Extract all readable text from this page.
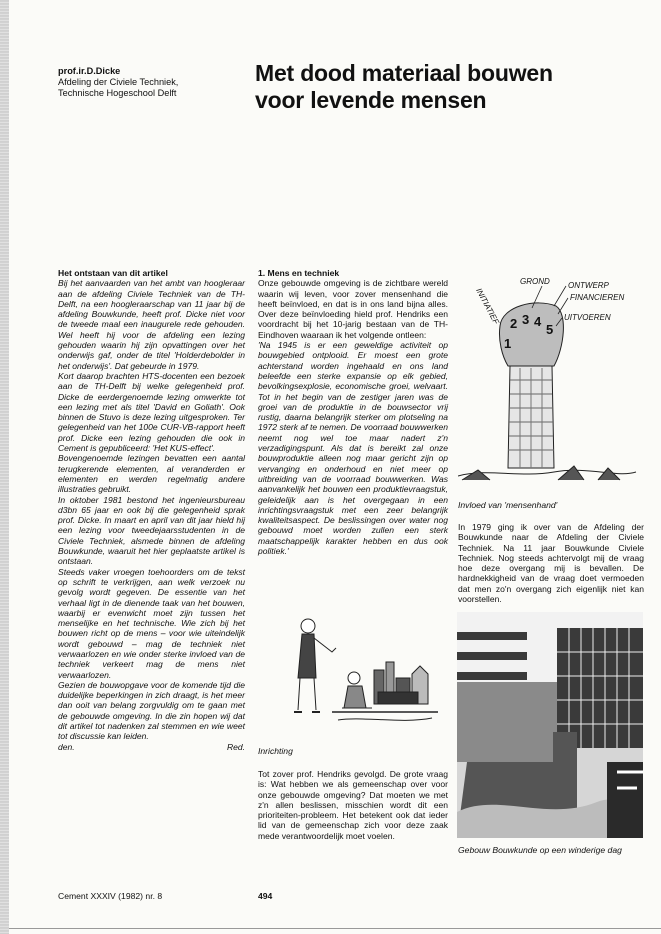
prof.ir.D.Dicke
Afdeling der Civiele Techniek,
Technische Hogeschool Delft
Met dood materiaal bouwen
voor levende mensen
Het ontstaan van dit artikel

Bij het aanvaarden van het ambt van hoogleraar aan de afdeling Civiele Techniek van de TH-Delft, na een hoogleraarschap van 11 jaar bij de afdeling Bouwkunde, heeft prof. Dicke niet voor de tweede maal een inaugurele rede gehouden. Wel heeft hij voor de afdeling een lezing gehouden waarin hij zijn opvattingen over het onderwijs gaf, onder de titel 'Holderdebolder in het onderwijs'. Dat gebeurde in 1979.

Kort daarop brachten HTS-docenten een bezoek aan de TH-Delft bij welke gelegenheid prof. Dicke de eerdergenoemde lezing omwerkte tot een lezing met als titel 'David en Goliath'. Ook binnen de Stuvo is deze lezing uitgesproken. Ter gelegenheid van het 100e CUR-VB-rapport heeft prof. Dicke een lezing gehouden die ook in Cement is gepubliceerd: 'Het KUS-effect'.

Bovengenoemde lezingen bevatten een aantal terugkerende elementen, al veranderden er elementen en werden regelmatig andere illustraties gebruikt.

In oktober 1981 bestond het ingenieursbureau d3bn 65 jaar en ook bij die gelegenheid sprak prof. Dicke. In maart en april van dit jaar hield hij een lezing voor tweedejaarsstudenten in de Civiele Techniek, alsmede binnen de afdeling Bouwkunde, waaruit het hier geplaatste artikel is ontstaan.

Steeds vaker vroegen toehoorders om de tekst op schrift te verkrijgen, aan welk verzoek nu gevolg wordt gegeven. De essentie van het verhaal ligt in de dienende taak van het bouwen, waarbij er evenwicht moet zijn tussen het menselijke en het technische. Wie zich bij het bouwen richt op de mens – voor wie uiteindelijk wordt gebouwd – mag de techniek niet verwaarlozen en wie onder sterke invloed van de techniek verkeert mag de mens niet verwaarlozen.

Gezien de bouwopgave voor de komende tijd die duidelijke beperkingen in zich draagt, is het meer dan ooit van belang zorgvuldig om te gaan met de gebouwde omgeving. In die zin hopen wij dat dit artikel tot nadenken zal stemmen en wie weet tot discussie kan leiden.

den.	Red.
1. Mens en techniek

Onze gebouwde omgeving is de zichtbare wereld waarin wij leven, voor zover mensenhand die heeft beïnvloed, en dat is in ons land bijna alles. Over deze beïnvloeding hield prof. Hendriks een voordracht bij het 10-jarig bestaan van de TH-Eindhoven waaraan ik het volgende ontleen:

'Na 1945 is er een geweldige activiteit op bouwgebied ontplooid. Er moest een grote achterstand worden ingehaald en ons land beleefde een sterke expansie op elk gebied, bevolkingsexplosie, economische groei, welvaart. Tot in het begin van de zestiger jaren was de groei van de produktie in de bouwsector vrij rustig, daarna belangrijk sterker om plotseling na 1972 sterk af te nemen. De voorraad bouwwerken neemt nog wel toe maar nadert z'n verzadigingspunt. Als dat is bereikt zal onze bouwproduktie alleen nog maar gericht zijn op vervanging en onderhoud en niet meer op uitbreiding van de voorraad bouwwerken. Was aanvankelijk het bouwen een produktievraagstuk, geleidelijk aan is het overgegaan in een inrichtingsvraagstuk met een zeer belangrijk kwaliteitsaspect. De beslissingen over water nog gebouwd moet worden zullen een sterk maatschappelijk karakter hebben en dus ook politiek.'

Inrichting

Tot zover prof. Hendriks gevolgd. De grote vraag is: Wat hebben we als gemeenschap over voor onze gebouwde omgeving? Dat moeten we met z'n allen beslissen, misschien wordt dit een prioriteiten-probleem. Het betekent ook dat ieder lid van de gemeenschap zich voor deze zaak mede verantwoordelijk moet voelen.

2 3 4
5
1
GROND ONTWERP
FINANCIEREN
INITIATIEF	UITVOEREN
Invloed van 'mensenhand'

In 1979 ging ik over van de Afdeling der Bouwkunde naar de Afdeling der Civiele Techniek. Na 11 jaar Bouwkunde Civiele Techniek. Nog steeds achtervolgt mij de vraag hoe deze overgang mij is bevallen. De hardnekkigheid van de vraag doet vermoeden dat men zo'n overgang zich eigenlijk niet kan voorstellen.

Gebouw Bouwkunde op een winderige dag
Cement XXXIV (1982) nr. 8	494
